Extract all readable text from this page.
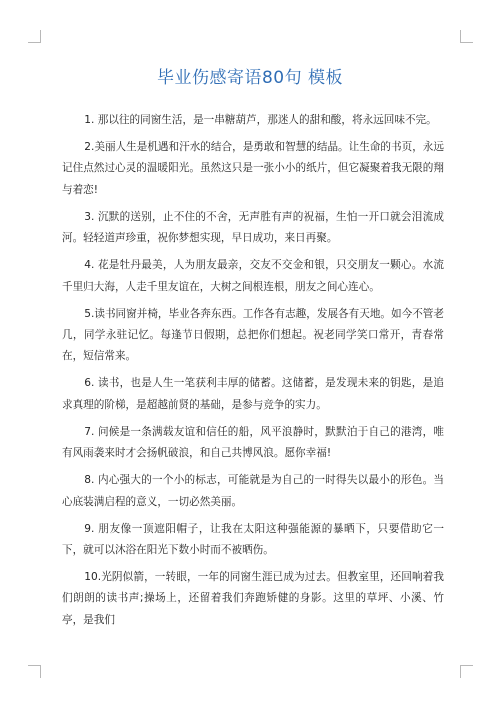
毕业伤感寄语80句 模板

1. 那以往的同窗生活，是一串糖葫芦，那迷人的甜和酸，将永远回味不完。

2.美丽人生是机遇和汗水的结合，是勇敢和智慧的结晶。让生命的书页，永远记住点然过心灵的温暖阳光。虽然这只是一张小小的纸片，但它凝聚着我无限的翔与着恋!

3. 沉默的送别，止不住的不舍，无声胜有声的祝福，生怕一开口就会泪流成河。轻轻道声珍重，祝你梦想实现，早日成功，来日再聚。

4. 花是牡丹最美，人为朋友最亲，交友不交金和银，只交朋友一颗心。水流千里归大海，人走千里友谊在，大树之间根连根，朋友之间心连心。

5.读书同窗并椅，毕业各奔东西。工作各有志趣，发展各有天地。如今不管老几，同学永驻记忆。每逢节日假期，总把你们想起。祝老同学笑口常开，青春常在，短信常来。

6. 读书，也是人生一笔获利丰厚的储蓄。这储蓄，是发现未来的钥匙，是追求真理的阶梯，是超越前贤的基础，是参与竞争的实力。

7. 问候是一条满载友谊和信任的船，风平浪静时，默默泊于自己的港湾，唯有风雨袭来时才会扬帆破浪，和自己共博风浪。愿你幸福!

8. 内心强大的一个小的标志，可能就是为自己的一时得失以最小的形色。当心底装满启程的意义，一切必然美丽。

9. 朋友像一顶遮阳帽子，让我在太阳这种强能源的暴晒下，只要借助它一下，就可以沐浴在阳光下数小时而不被晒伤。

10.光阴似箭，一转眼，一年的同窗生涯已成为过去。但教室里，还回响着我们朗朗的读书声;操场上，还留着我们奔跑矫健的身影。这里的草坪、小溪、竹亭，是我们
